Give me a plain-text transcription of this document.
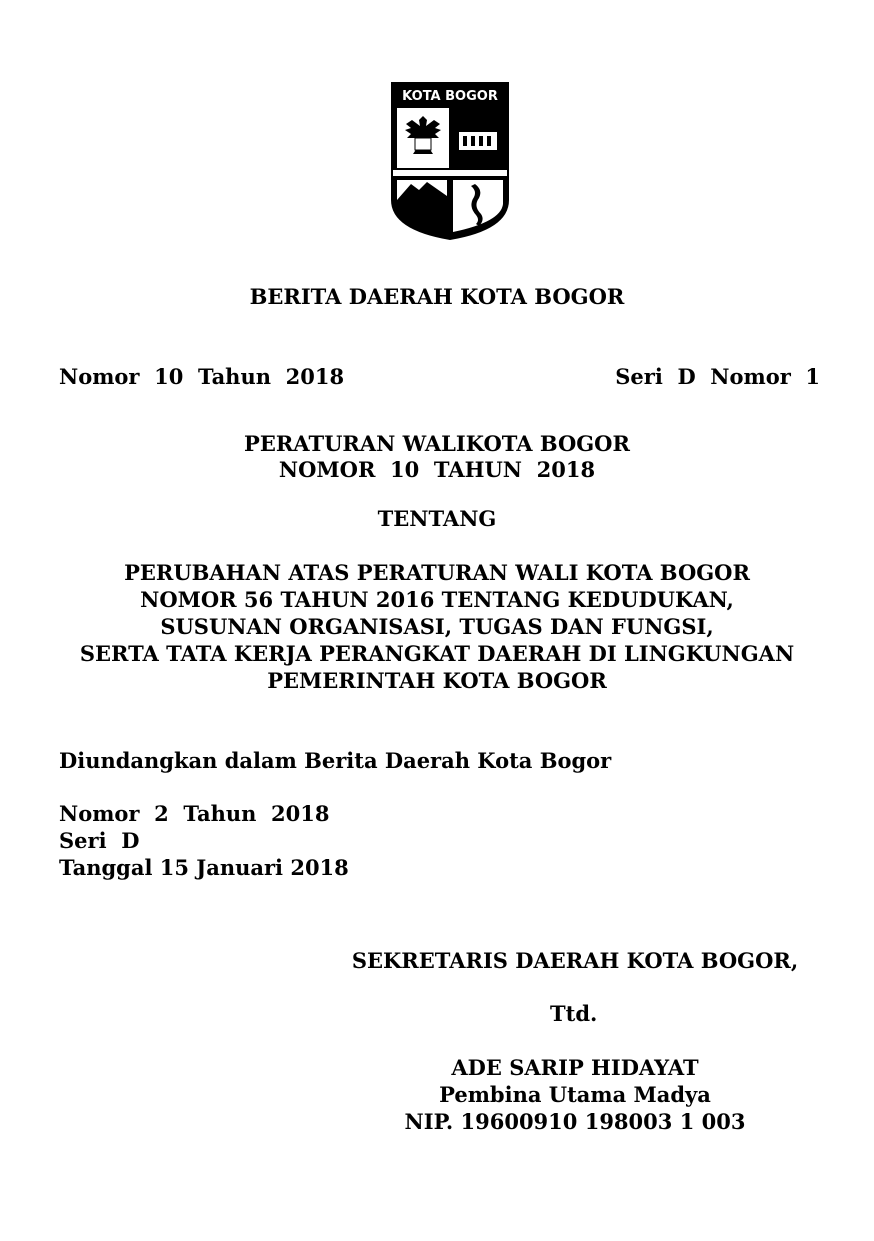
KOTA BOGOR
BERITA DAERAH KOTA BOGOR
Nomor  10  Tahun  2018	Seri  D  Nomor  1
PERATURAN WALIKOTA BOGOR
NOMOR  10  TAHUN  2018
TENTANG
PERUBAHAN ATAS PERATURAN WALI KOTA BOGOR
NOMOR 56 TAHUN 2016 TENTANG KEDUDUKAN,
SUSUNAN ORGANISASI, TUGAS DAN FUNGSI,
SERTA TATA KERJA PERANGKAT DAERAH DI LINGKUNGAN
PEMERINTAH KOTA BOGOR
Diundangkan dalam Berita Daerah Kota Bogor
Nomor  2  Tahun  2018
Seri  D
Tanggal 15 Januari 2018
SEKRETARIS DAERAH KOTA BOGOR,
Ttd.
ADE SARIP HIDAYAT
Pembina Utama Madya
NIP. 19600910 198003 1 003
